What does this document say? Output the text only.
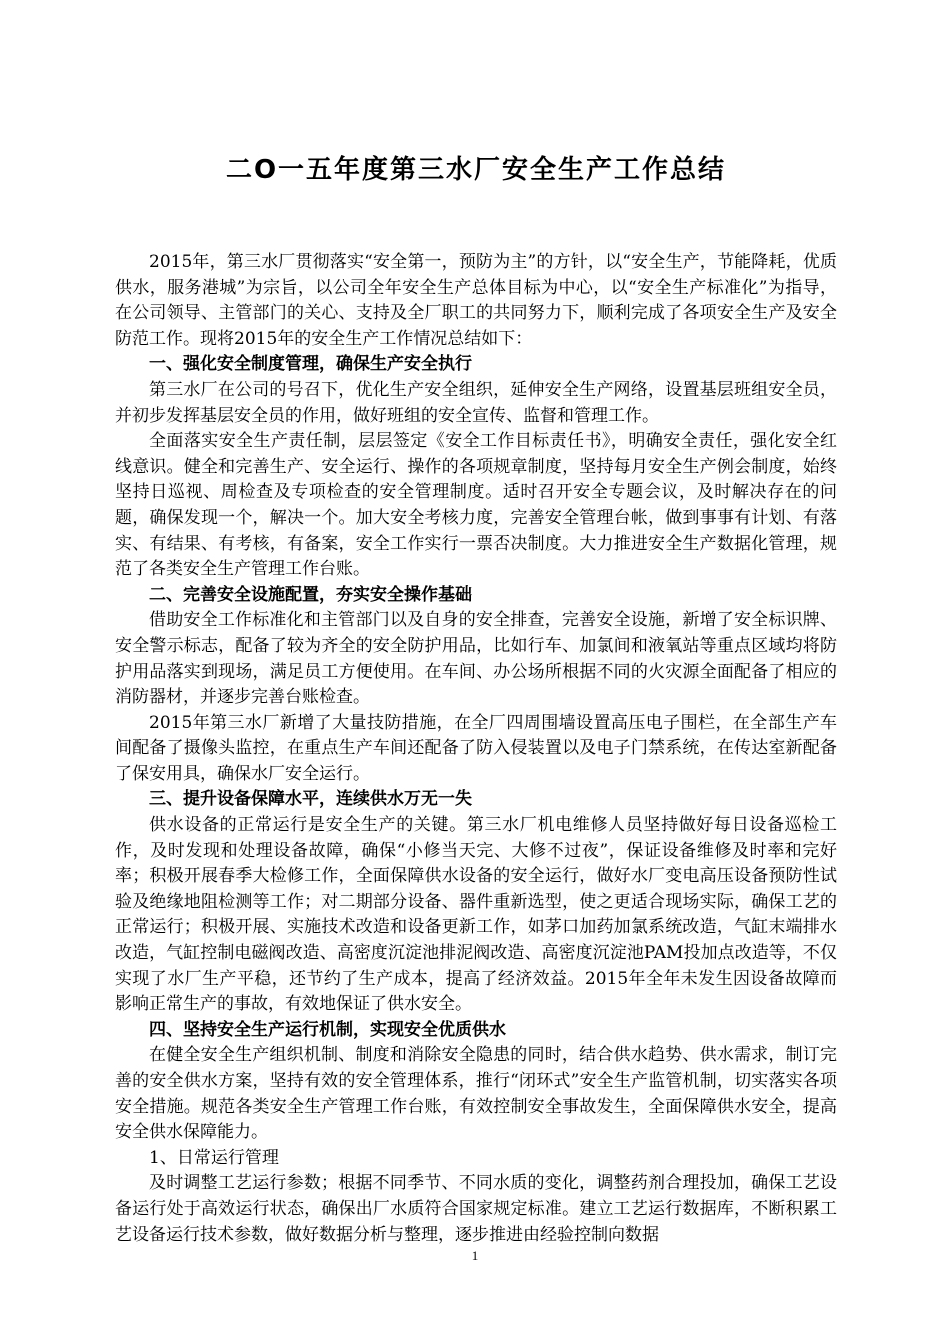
二O一五年度第三水厂安全生产工作总结

2015年，第三水厂贯彻落实“安全第一，预防为主”的方针，以“安全生产，节能降耗，优质供水，服务港城”为宗旨，以公司全年安全生产总体目标为中心，以“安全生产标准化”为指导，在公司领导、主管部门的关心、支持及全厂职工的共同努力下，顺利完成了各项安全生产及安全防范工作。现将2015年的安全生产工作情况总结如下：

一、强化安全制度管理，确保生产安全执行

第三水厂在公司的号召下，优化生产安全组织，延伸安全生产网络，设置基层班组安全员，并初步发挥基层安全员的作用，做好班组的安全宣传、监督和管理工作。

全面落实安全生产责任制，层层签定《安全工作目标责任书》，明确安全责任，强化安全红线意识。健全和完善生产、安全运行、操作的各项规章制度，坚持每月安全生产例会制度，始终坚持日巡视、周检查及专项检查的安全管理制度。适时召开安全专题会议，及时解决存在的问题，确保发现一个，解决一个。加大安全考核力度，完善安全管理台帐，做到事事有计划、有落实、有结果、有考核，有备案，安全工作实行一票否决制度。大力推进安全生产数据化管理，规范了各类安全生产管理工作台账。

二、完善安全设施配置，夯实安全操作基础

借助安全工作标准化和主管部门以及自身的安全排查，完善安全设施，新增了安全标识牌、安全警示标志，配备了较为齐全的安全防护用品，比如行车、加氯间和液氧站等重点区域均将防护用品落实到现场，满足员工方便使用。在车间、办公场所根据不同的火灾源全面配备了相应的消防器材，并逐步完善台账检查。

2015年第三水厂新增了大量技防措施，在全厂四周围墙设置高压电子围栏，在全部生产车间配备了摄像头监控，在重点生产车间还配备了防入侵装置以及电子门禁系统，在传达室新配备了保安用具，确保水厂安全运行。

三、提升设备保障水平，连续供水万无一失

供水设备的正常运行是安全生产的关键。第三水厂机电维修人员坚持做好每日设备巡检工作，及时发现和处理设备故障，确保“小修当天完、大修不过夜”，保证设备维修及时率和完好率；积极开展春季大检修工作，全面保障供水设备的安全运行，做好水厂变电高压设备预防性试验及绝缘地阻检测等工作；对二期部分设备、器件重新选型，使之更适合现场实际，确保工艺的正常运行；积极开展、实施技术改造和设备更新工作，如茅口加药加氯系统改造，气缸末端排水改造，气缸控制电磁阀改造、高密度沉淀池排泥阀改造、高密度沉淀池PAM投加点改造等，不仅实现了水厂生产平稳，还节约了生产成本，提高了经济效益。2015年全年未发生因设备故障而影响正常生产的事故，有效地保证了供水安全。

四、坚持安全生产运行机制，实现安全优质供水

在健全安全生产组织机制、制度和消除安全隐患的同时，结合供水趋势、供水需求，制订完善的安全供水方案，坚持有效的安全管理体系，推行“闭环式”安全生产监管机制，切实落实各项安全措施。规范各类安全生产管理工作台账，有效控制安全事故发生，全面保障供水安全，提高安全供水保障能力。

1、日常运行管理

及时调整工艺运行参数；根据不同季节、不同水质的变化，调整药剂合理投加，确保工艺设备运行处于高效运行状态，确保出厂水质符合国家规定标准。建立工艺运行数据库，不断积累工艺设备运行技术参数，做好数据分析与整理，逐步推进由经验控制向数据

1
